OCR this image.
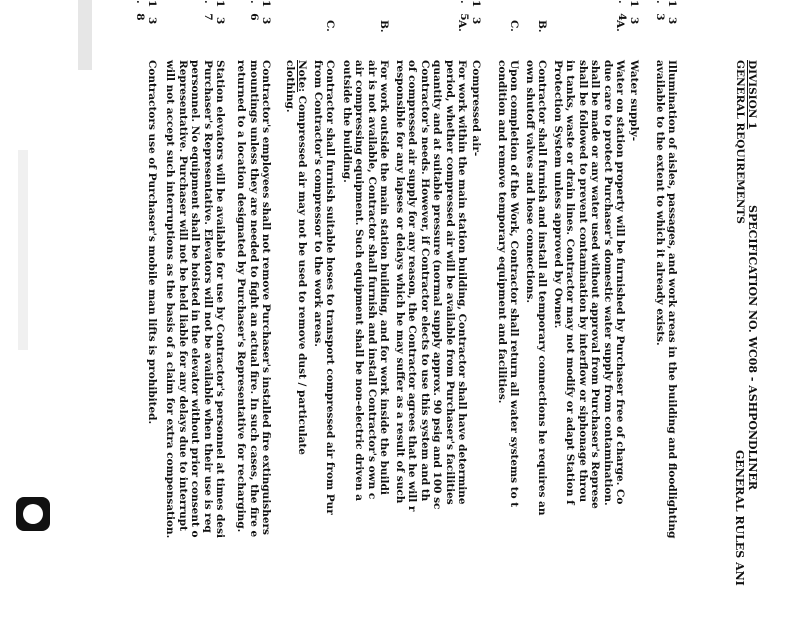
DIVISION 1
GENERAL REQUIREMENTS
SPECIFICATION NO. WC08 - ASHPONDLINER
GENERAL RULES ANI
1 3 . 3
Illumination of aisles, passages, and work areas in the building and floodlighting
available to the extent to which it already exists.
1 3 . 4
Water supply-
A.
Water on station property will be furnished by Purchaser free of charge. Co
due care to protect Purchaser's domestic water supply from contamination.
shall be made or any water used without approval from Purchaser's Represe
shall be followed to prevent contamination by interflow or siphonage throu
in tanks, waste or drain lines. Contractor may not modify or adapt Station f
Protection System unless approved by Owner.
B.
Contractor shall furnish and install all temporary connections he requires an
own shutoff valves and hose connections.
C.
Upon completion of the Work, Contractor shall return all water systems to t
condition and remove temporary equipment and facilities.
1 3 . 5
Compressed air-
A.
For work within the main station building, Contractor shall have determine
period, whether compressed air will be available from Purchaser's facilities
quantity and at suitable pressure (normal supply approx. 90 psig and 100 sc
Contractor's needs. However, if Contractor elects to use this system and th
of compressed air supply for any reason, the Contractor agrees that he will r
responsible for any lapses or delays which he may suffer as a result of such
B.
For work outside the main station building, and for work inside the buildi
air is not available, Contractor shall furnish and install Contractor's own c
air compressing equipment. Such equipment shall be non-electric driven a
outside the building.
C.
Contractor shall furnish suitable hoses to transport compressed air from Pur
from Contractor's compressor to the work areas.
Note: Compressed air may not be used to remove dust / particulate
clothing.
1 3 . 6
Contractor's employees shall not remove Purchaser's installed fire extinguishers
mountings unless they are needed to fight an actual fire. In such cases, the fire e
returned to a location designated by Purchaser's Representative for recharging.
1 3 . 7
Station elevators will be available for use by Contractor's personnel at times desi
Purchaser's Representative. Elevators will not be available when their use is req
personnel. No equipment shall be hoisted in the elevator without prior consent o
Representative. Purchaser will not be held liable for any delays due to interrupt
will not accept such interruptions as the basis of a claim for extra compensation.
1 3 . 8
Contractors use of Purchaser's mobile man lifts is prohibited.
